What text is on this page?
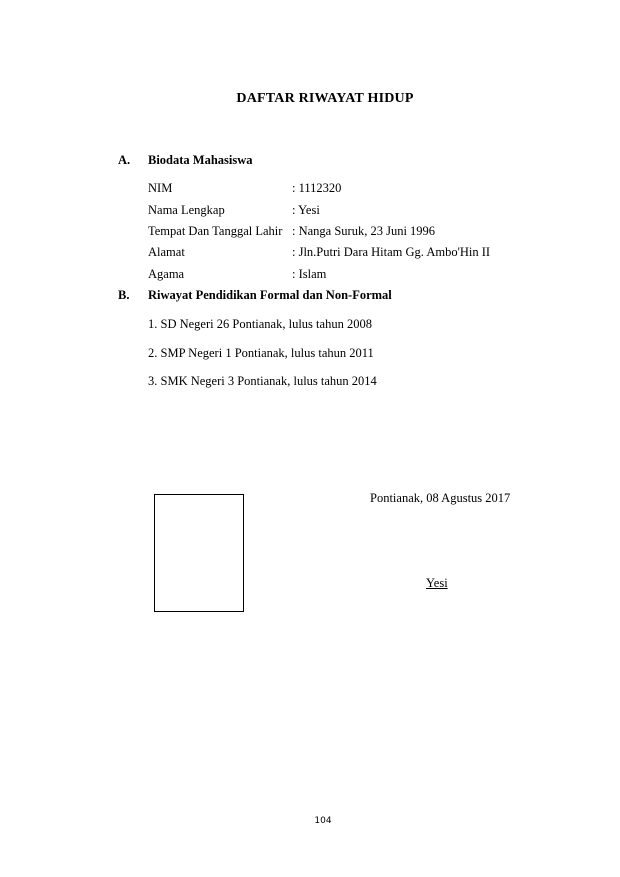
DAFTAR RIWAYAT HIDUP
A. Biodata Mahasiswa
NIM	: 1112320
Nama Lengkap	: Yesi
Tempat Dan Tanggal Lahir : Nanga Suruk, 23 Juni 1996
Alamat	: Jln.Putri Dara Hitam Gg. Ambo'Hin II
Agama	: Islam
B. Riwayat Pendidikan Formal dan Non-Formal
1. SD Negeri 26 Pontianak, lulus tahun 2008
2. SMP Negeri 1 Pontianak, lulus tahun 2011
3. SMK Negeri 3 Pontianak, lulus tahun 2014
Pontianak, 08 Agustus 2017
Yesi
104
